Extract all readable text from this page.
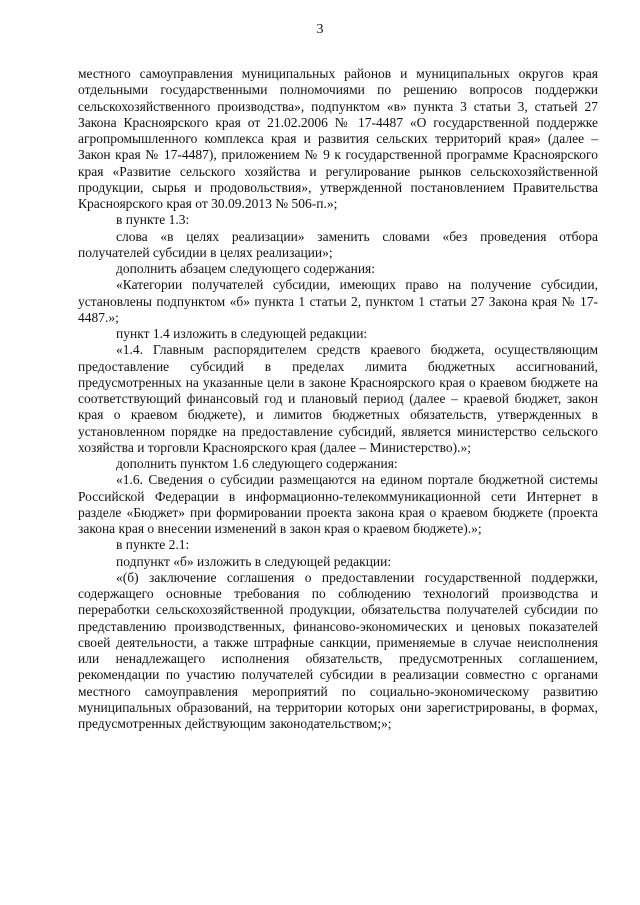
3

местного самоуправления муниципальных районов и муниципальных округов края отдельными государственными полномочиями по решению вопросов поддержки сельскохозяйственного производства», подпунктом «в» пункта 3 статьи 3, статьей 27 Закона Красноярского края от 21.02.2006 № 17-4487 «О государственной поддержке агропромышленного комплекса края и развития сельских территорий края» (далее – Закон края № 17-4487), приложением № 9 к государственной программе Красноярского края «Развитие сельского хозяйства и регулирование рынков сельскохозяйственной продукции, сырья и продовольствия», утвержденной постановлением Правительства Красноярского края от 30.09.2013 № 506-п.»;

в пункте 1.3:

слова «в целях реализации» заменить словами «без проведения отбора получателей субсидии в целях реализации»;

дополнить абзацем следующего содержания:

«Категории получателей субсидии, имеющих право на получение субсидии, установлены подпунктом «б» пункта 1 статьи 2, пунктом 1 статьи 27 Закона края № 17-4487.»;

пункт 1.4 изложить в следующей редакции:

«1.4. Главным распорядителем средств краевого бюджета, осуществляющим предоставление субсидий в пределах лимита бюджетных ассигнований, предусмотренных на указанные цели в законе Красноярского края о краевом бюджете на соответствующий финансовый год и плановый период (далее – краевой бюджет, закон края о краевом бюджете), и лимитов бюджетных обязательств, утвержденных в установленном порядке на предоставление субсидий, является министерство сельского хозяйства и торговли Красноярского края (далее – Министерство).»;

дополнить пунктом 1.6 следующего содержания:

«1.6. Сведения о субсидии размещаются на едином портале бюджетной системы Российской Федерации в информационно-телекоммуникационной сети Интернет в разделе «Бюджет» при формировании проекта закона края о краевом бюджете (проекта закона края о внесении изменений в закон края о краевом бюджете).»;

в пункте 2.1:

подпункт «б» изложить в следующей редакции:

«(б) заключение соглашения о предоставлении государственной поддержки, содержащего основные требования по соблюдению технологий производства и переработки сельскохозяйственной продукции, обязательства получателей субсидии по представлению производственных, финансово-экономических и ценовых показателей своей деятельности, а также штрафные санкции, применяемые в случае неисполнения или ненадлежащего исполнения обязательств, предусмотренных соглашением, рекомендации по участию получателей субсидии в реализации совместно с органами местного самоуправления мероприятий по социально-экономическому развитию муниципальных образований, на территории которых они зарегистрированы, в формах, предусмотренных действующим законодательством;»;
